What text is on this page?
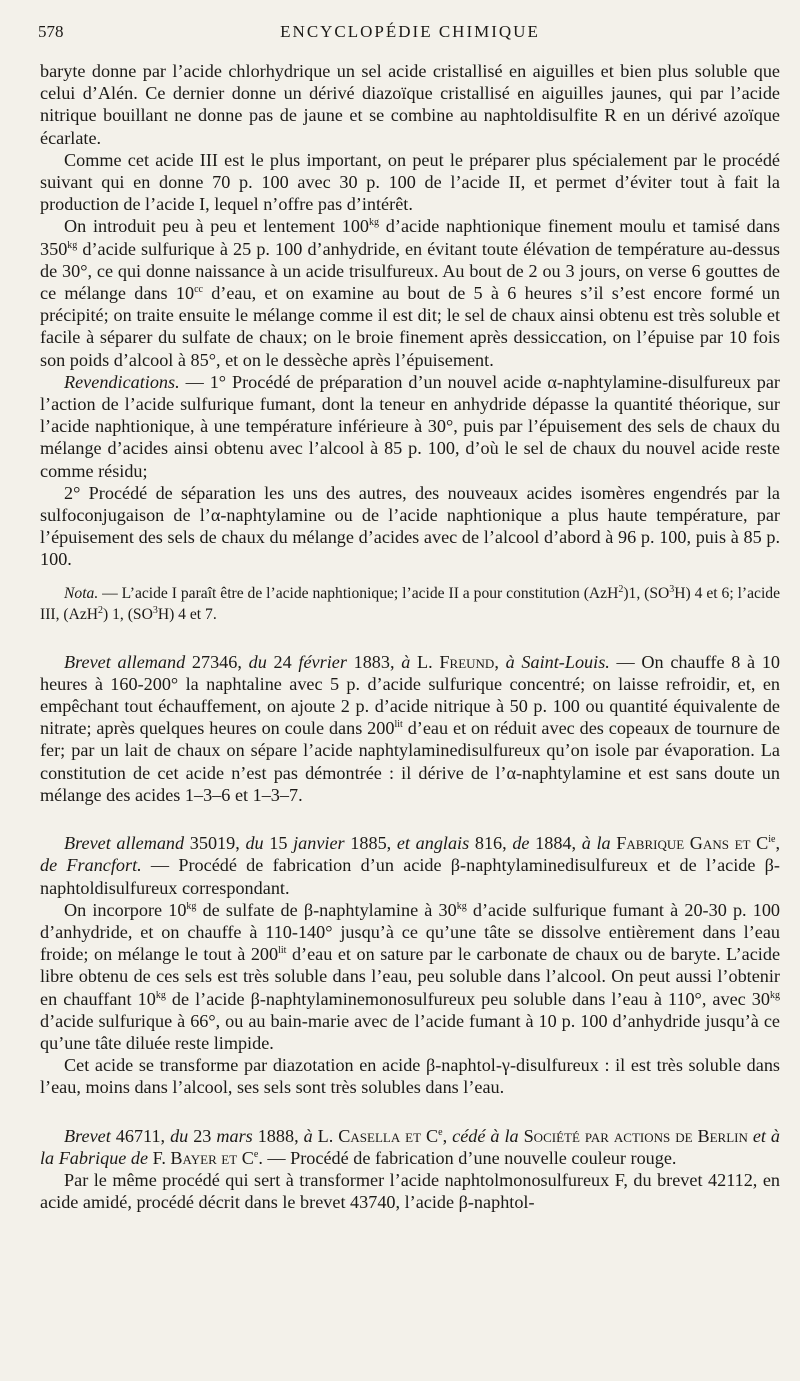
578	ENCYCLOPÉDIE CHIMIQUE

baryte donne par l’acide chlorhydrique un sel acide cristallisé en aiguilles et bien plus soluble que celui d’Alén. Ce dernier donne un dérivé diazoïque cristallisé en aiguilles jaunes, qui par l’acide nitrique bouillant ne donne pas de jaune et se combine au naphtoldisulfite R en un dérivé azoïque écarlate.

Comme cet acide III est le plus important, on peut le préparer plus spécialement par le procédé suivant qui en donne 70 p. 100 avec 30 p. 100 de l’acide II, et permet d’éviter tout à fait la production de l’acide I, lequel n’offre pas d’intérêt.

On introduit peu à peu et lentement $100^{kg}$ d’acide naphtionique finement moulu et tamisé dans $350^{kg}$ d’acide sulfurique à 25 p. 100 d’anhydride, en évitant toute élévation de température au-dessus de 30°, ce qui donne naissance à un acide trisulfureux. Au bout de 2 ou 3 jours, on verse 6 gouttes de ce mélange dans $10^{cc}$ d’eau, et on examine au bout de 5 à 6 heures s’il s’est encore formé un précipité; on traite ensuite le mélange comme il est dit; le sel de chaux ainsi obtenu est très soluble et facile à séparer du sulfate de chaux; on le broie finement après dessiccation, on l’épuise par 10 fois son poids d’alcool à 85°, et on le dessèche après l’épuisement.

Revendications. — 1° Procédé de préparation d’un nouvel acide α-naphtylamine-disulfureux par l’action de l’acide sulfurique fumant, dont la teneur en anhydride dépasse la quantité théorique, sur l’acide naphtionique, à une température inférieure à 30°, puis par l’épuisement des sels de chaux du mélange d’acides ainsi obtenu avec l’alcool à 85 p. 100, d’où le sel de chaux du nouvel acide reste comme résidu;

2° Procédé de séparation les uns des autres, des nouveaux acides isomères engendrés par la sulfoconjugaison de l’α-naphtylamine ou de l’acide naphtionique a plus haute température, par l’épuisement des sels de chaux du mélange d’acides avec de l’alcool d’abord à 96 p. 100, puis à 85 p. 100.

Nota. — L’acide I paraît être de l’acide naphtionique; l’acide II a pour constitution (AzH$^2$)1, $(SO^3H)$ 4 et 6; l’acide III, (AzH$^2$) 1, $(SO^3H)$ 4 et 7.

Brevet allemand 27346, du 24 février 1883, à L. Freund, à Saint-Louis. — On chauffe 8 à 10 heures à 160-200° la naphtaline avec 5 p. d’acide sulfurique concentré; on laisse refroidir, et, en empêchant tout échauffement, on ajoute 2 p. d’acide nitrique à 50 p. 100 ou quantité équivalente de nitrate; après quelques heures on coule dans $200^{lit}$ d’eau et on réduit avec des copeaux de tournure de fer; par un lait de chaux on sépare l’acide naphtylaminedisulfureux qu’on isole par évaporation. La constitution de cet acide n’est pas démontrée : il dérive de l’α-naphtylamine et est sans doute un mélange des acides 1–3–6 et 1–3–7.

Brevet allemand 35019, du 15 janvier 1885, et anglais 816, de 1884, à la Fabrique Gans et $C^{ie}$, de Francfort. — Procédé de fabrication d’un acide β-naphtylaminedisulfureux et de l’acide β-naphtoldisulfureux correspondant.

On incorpore $10^{kg}$ de sulfate de β-naphtylamine à $30^{kg}$ d’acide sulfurique fumant à 20-30 p. 100 d’anhydride, et on chauffe à 110-140° jusqu’à ce qu’une tâte se dissolve entièrement dans l’eau froide; on mélange le tout à $200^{lit}$ d’eau et on sature par le carbonate de chaux ou de baryte. L’acide libre obtenu de ces sels est très soluble dans l’eau, peu soluble dans l’alcool. On peut aussi l’obtenir en chauffant $10^{kg}$ de l’acide β-naphtylaminemonosulfureux peu soluble dans l’eau à 110°, avec $30^{kg}$ d’acide sulfurique à 66°, ou au bain-marie avec de l’acide fumant à 10 p. 100 d’anhydride jusqu’à ce qu’une tâte diluée reste limpide.

Cet acide se transforme par diazotation en acide β-naphtol-γ-disulfureux : il est très soluble dans l’eau, moins dans l’alcool, ses sels sont très solubles dans l’eau.

Brevet 46711, du 23 mars 1888, à L. Casella et Ce, cédé à la Société par actions de Berlin et à la Fabrique de F. Bayer et Ce. — Procédé de fabrication d’une nouvelle couleur rouge.

Par le même procédé qui sert à transformer l’acide naphtolmonosulfureux F, du brevet 42112, en acide amidé, procédé décrit dans le brevet 43740, l’acide β-naphtol-
